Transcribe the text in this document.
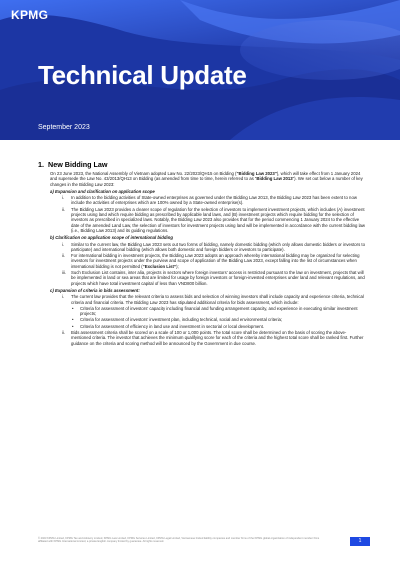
KPMG
Technical Update
September 2023
1. New Bidding Law
On 23 June 2023, the National Assembly of Vietnam adopted Law No. 22/2023/QH15 on Bidding ("Bidding Law 2023"), which will take effect from 1 January 2024 and supersede the Law No. 43/2013/QH13 on Bidding (as amended from time to time, herein referred to as “Bidding Law 2013”). We set out below a number of key changes in the Bidding Law 2023:
a) Expansion and clarification on application scope
i.	In addition to the bidding activities of State-owned enterprises as governed under the Bidding Law 2013, the Bidding Law 2023 has been extent to now include the activities of enterprises which are 100% owned by a State-owned enterprise(s).
ii.	The Bidding Law 2023 provides a clearer scope of regulation for the selection of investors to implement investment projects, which includes (A) investment projects using land which require bidding as prescribed by applicable land laws, and (B) investment projects which require bidding for the selection of investors as prescribed in specialized laws. Notably, the Bidding Law 2023 also provides that for the period commencing 1 January 2024 to the effective date of the amended Land Law, the selection of investors for investment projects using land will be implemented in accordance with the current bidding law (i.e., Bidding Law 2013) and its guiding regulations.
b) Clarification on application scope of international bidding
i.	Similar to the current law, the Bidding Law 2023 sets out two forms of bidding, namely domestic bidding (which only allows domestic bidders or investors to participate) and international bidding (which allows both domestic and foreign bidders or investors to participate).
ii.	For international bidding in investment projects, the Bidding Law 2023 adopts an approach whereby international bidding may be organized for selecting investors for investment projects under the purview and scope of application of the Bidding Law 2023, except falling into the list of circumstances when international bidding is not permitted (“Exclusion List”);
iii.	Such Exclusion List contains, inter alia, projects in sectors where foreign investors’ access is restricted pursuant to the law on investment, projects that will be implemented in land or sea areas that are limited for usage by foreign investors or foreign-invested enterprises under land and relevant regulations, and projects which have total investment capital of less than VND800 billion.
c) Expansion of criteria in bids assessment:
i.	The current law provides that the relevant criteria to assess bids and selection of winning investors shall include capacity and experience criteria, technical criteria and financial criteria. The Bidding Law 2023 has stipulated additional criteria for bids assessment, which include:
•	Criteria for assessment of investors’ capacity including financial and funding arrangement capacity, and experience in executing similar investment projects;
•	Criteria for assessment of investors’ investment plan, including technical, social and environmental criteria;
•	Criteria for assessment of efficiency in land use and investment in sectorial or local development.
ii.	Bids assessment criteria shall be scored on a scale of 100 or 1,000 points. The total score shall be determined on the basis of scoring the above-mentioned criteria. The investor that achieves the minimum qualifying score for each of the criteria and the highest total score shall be ranked first. Further guidance on the criteria and scoring method will be announced by the Government in due course.
© 2023 KPMG Limited, KPMG Tax and Advisory Limited, KPMG Law Limited, KPMG Services Limited, KPMG Legal Limited, Vietnamese limited liability companies and member firms of the KPMG global organization of independent member firms affiliated with KPMG International Limited, a private English company limited by guarantee. All rights reserved.	1
